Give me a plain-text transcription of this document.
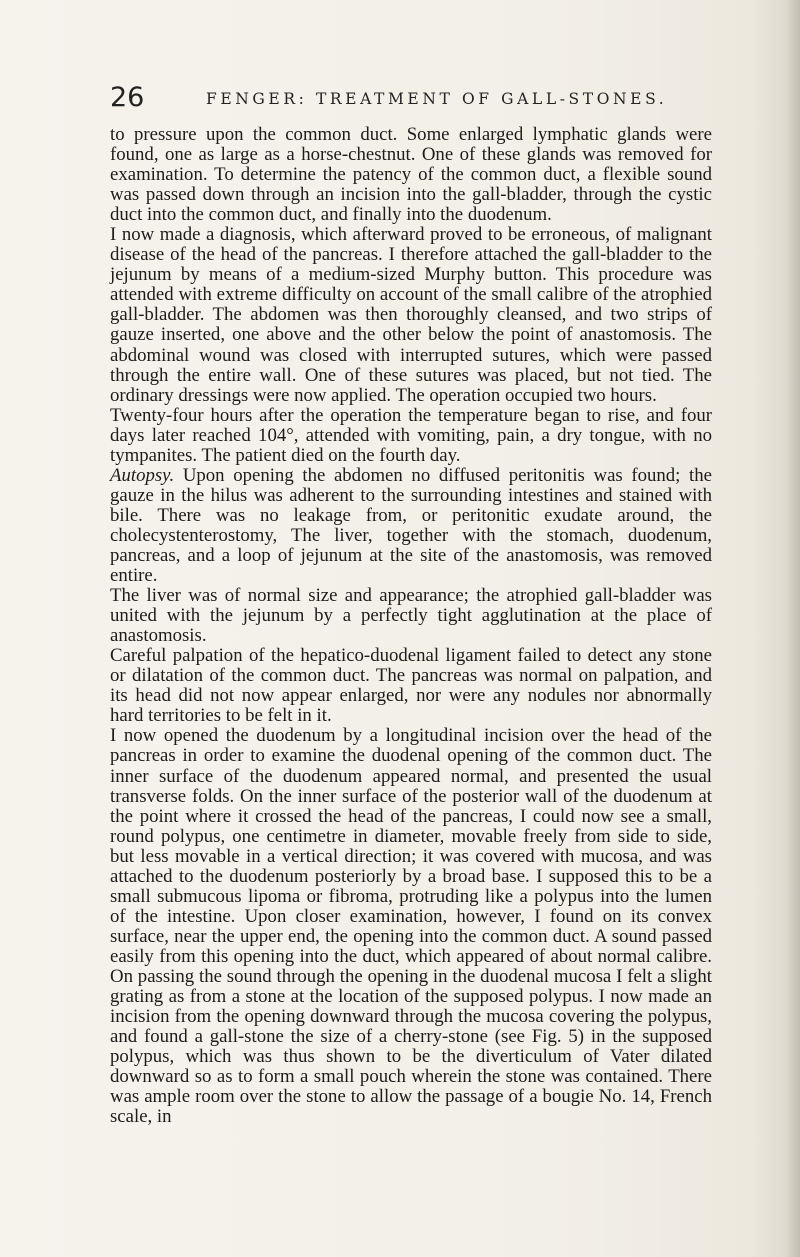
26	FENGER: TREATMENT OF GALL-STONES.

to pressure upon the common duct. Some enlarged lymphatic glands were found, one as large as a horse-chestnut. One of these glands was removed for examination. To determine the patency of the common duct, a flexible sound was passed down through an incision into the gall-bladder, through the cystic duct into the common duct, and finally into the duodenum.

I now made a diagnosis, which afterward proved to be erroneous, of malignant disease of the head of the pancreas. I therefore attached the gall-bladder to the jejunum by means of a medium-sized Murphy button. This procedure was attended with extreme difficulty on account of the small calibre of the atrophied gall-bladder. The abdomen was then thoroughly cleansed, and two strips of gauze inserted, one above and the other below the point of anastomosis. The abdominal wound was closed with interrupted sutures, which were passed through the entire wall. One of these sutures was placed, but not tied. The ordinary dressings were now applied. The operation occupied two hours.

Twenty-four hours after the operation the temperature began to rise, and four days later reached 104°, attended with vomiting, pain, a dry tongue, with no tympanites. The patient died on the fourth day.

Autopsy. Upon opening the abdomen no diffused peritonitis was found; the gauze in the hilus was adherent to the surrounding intestines and stained with bile. There was no leakage from, or peritonitic exudate around, the cholecystenterostomy, The liver, together with the stomach, duodenum, pancreas, and a loop of jejunum at the site of the anastomosis, was removed entire.

The liver was of normal size and appearance; the atrophied gall-bladder was united with the jejunum by a perfectly tight agglutination at the place of anastomosis.

Careful palpation of the hepatico-duodenal ligament failed to detect any stone or dilatation of the common duct. The pancreas was normal on palpation, and its head did not now appear enlarged, nor were any nodules nor abnormally hard territories to be felt in it.

I now opened the duodenum by a longitudinal incision over the head of the pancreas in order to examine the duodenal opening of the common duct. The inner surface of the duodenum appeared normal, and presented the usual transverse folds. On the inner surface of the posterior wall of the duodenum at the point where it crossed the head of the pancreas, I could now see a small, round polypus, one centimetre in diameter, movable freely from side to side, but less movable in a vertical direction; it was covered with mucosa, and was attached to the duodenum posteriorly by a broad base. I supposed this to be a small submucous lipoma or fibroma, protruding like a polypus into the lumen of the intestine. Upon closer examination, however, I found on its convex surface, near the upper end, the opening into the common duct. A sound passed easily from this opening into the duct, which appeared of about normal calibre. On passing the sound through the opening in the duodenal mucosa I felt a slight grating as from a stone at the location of the supposed polypus. I now made an incision from the opening downward through the mucosa covering the polypus, and found a gall-stone the size of a cherry-stone (see Fig. 5) in the supposed polypus, which was thus shown to be the diverticulum of Vater dilated downward so as to form a small pouch wherein the stone was contained. There was ample room over the stone to allow the passage of a bougie No. 14, French scale, in
